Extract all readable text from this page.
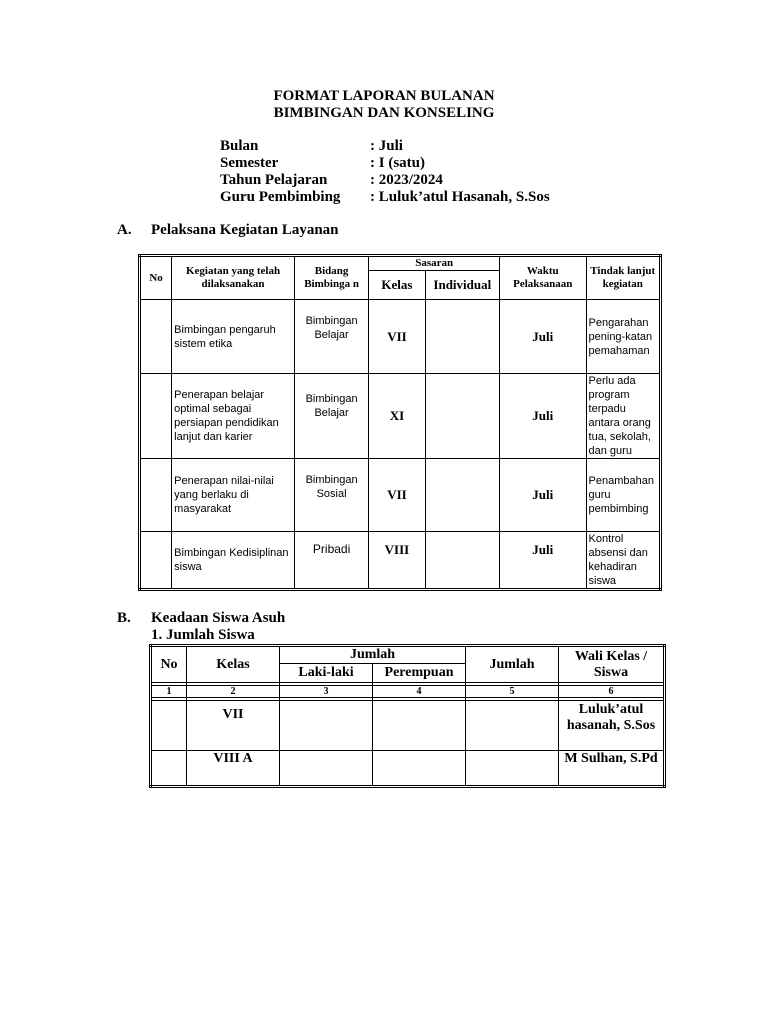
FORMAT LAPORAN BULANAN
BIMBINGAN DAN KONSELING
Bulan	: Juli
Semester	: I (satu)
Tahun Pelajaran	: 2023/2024
Guru Pembimbing : Luluk’atul Hasanah, S.Sos
A. Pelaksana Kegiatan Layanan
No	Kegiatan yang telah dilaksanakan	Bidang Bimbinga n	Sasaran		Waktu Pelaksanaan	Tindak lanjut kegiatan
			Kelas	Individual		
	Bimbingan pengaruh sistem etika	Bimbingan Belajar	VII		Juli	Pengarahan pening-katan pemahaman
	Penerapan belajar optimal sebagai persiapan pendidikan lanjut dan karier	Bimbingan Belajar	XI		Juli	Perlu ada program terpadu antara orang tua, sekolah, dan guru
	Penerapan nilai-nilai yang berlaku di masyarakat	Bimbingan Sosial	VII		Juli	Penambahan guru pembimbing
	Bimbingan Kedisiplinan siswa	Pribadi	VIII		Juli	Kontrol absensi dan kehadiran siswa
B. Keadaan Siswa Asuh
1. Jumlah Siswa
No	Kelas	Jumlah		Jumlah	Wali Kelas / Siswa
		Laki-laki	Perempuan		

1	2	3	4	5	6

	VII				Luluk’atul hasanah, S.Sos
	VIII A				M Sulhan, S.Pd
